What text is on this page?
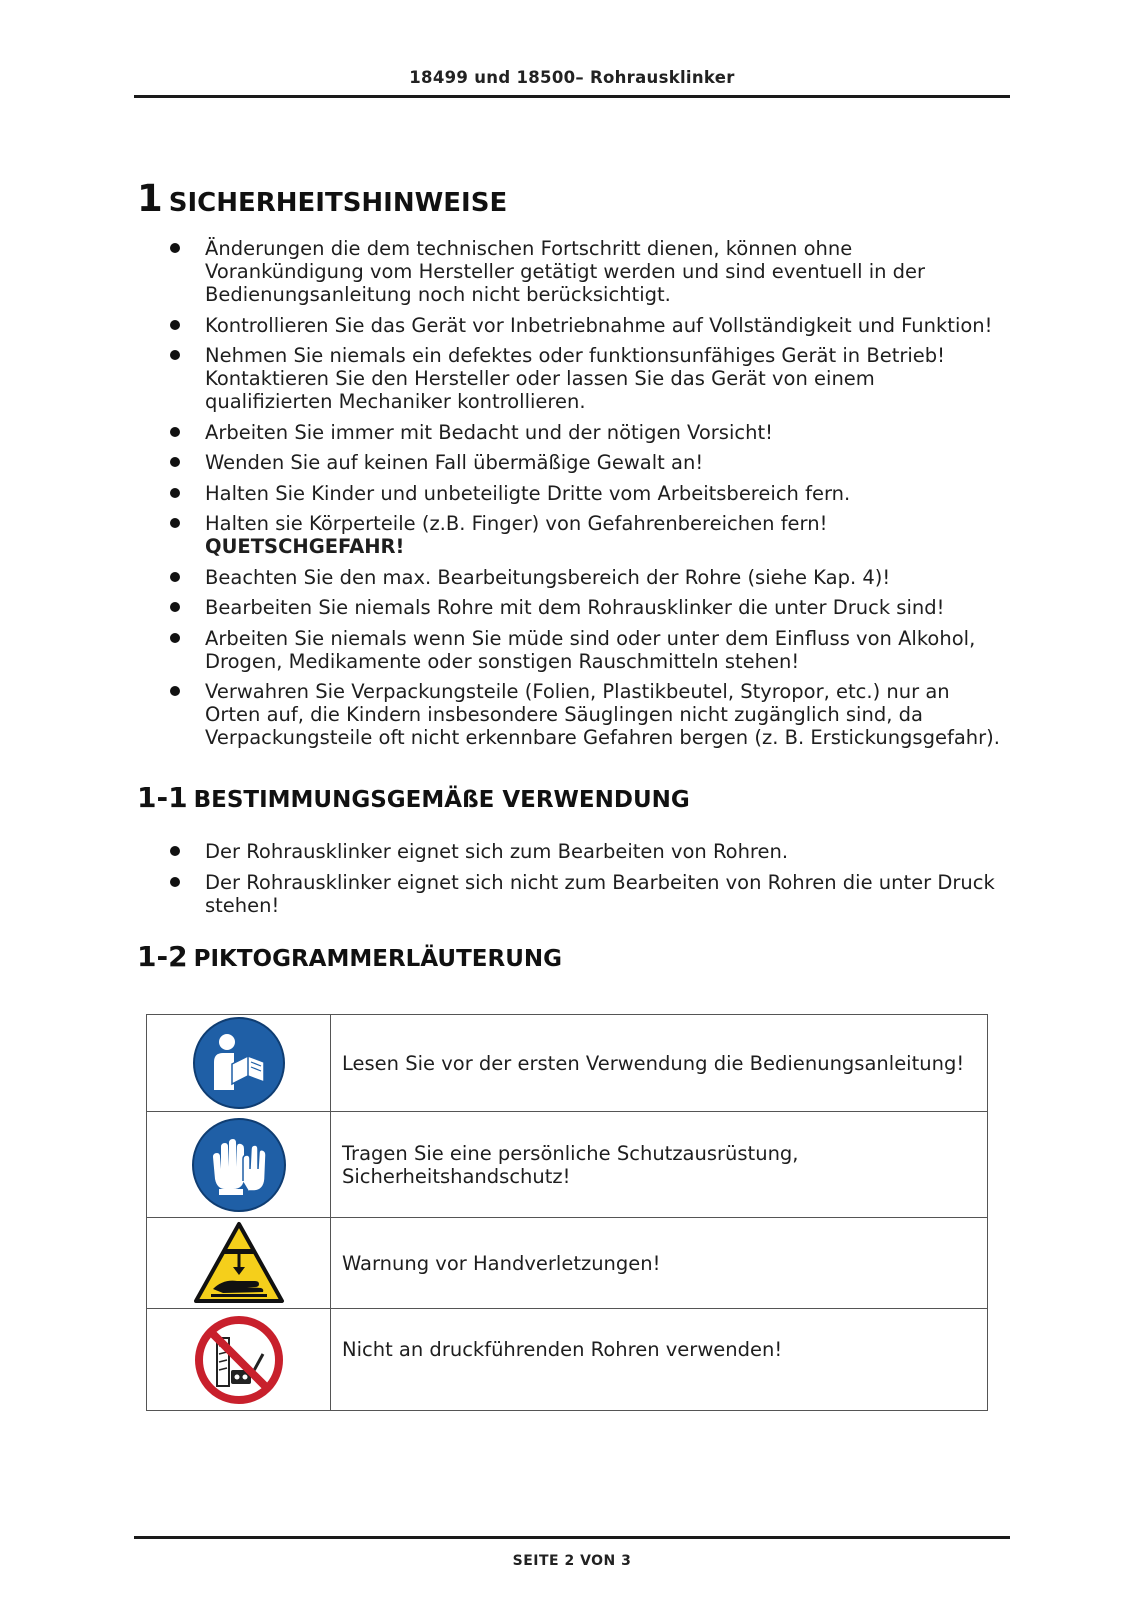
18499 und 18500– Rohrausklinker
1 SICHERHEITSHINWEISE
Änderungen die dem technischen Fortschritt dienen, können ohne Vorankündigung vom Hersteller getätigt werden und sind eventuell in der Bedienungsanleitung noch nicht berücksichtigt.
Kontrollieren Sie das Gerät vor Inbetriebnahme auf Vollständigkeit und Funktion!
Nehmen Sie niemals ein defektes oder funktionsunfähiges Gerät in Betrieb! Kontaktieren Sie den Hersteller oder lassen Sie das Gerät von einem qualifizierten Mechaniker kontrollieren.
Arbeiten Sie immer mit Bedacht und der nötigen Vorsicht!
Wenden Sie auf keinen Fall übermäßige Gewalt an!
Halten Sie Kinder und unbeteiligte Dritte vom Arbeitsbereich fern.
Halten sie Körperteile (z.B. Finger) von Gefahrenbereichen fern!
QUETSCHGEFAHR!
Beachten Sie den max. Bearbeitungsbereich der Rohre (siehe Kap. 4)!
Bearbeiten Sie niemals Rohre mit dem Rohrausklinker die unter Druck sind!
Arbeiten Sie niemals wenn Sie müde sind oder unter dem Einfluss von Alkohol, Drogen, Medikamente oder sonstigen Rauschmitteln stehen!
Verwahren Sie Verpackungsteile (Folien, Plastikbeutel, Styropor, etc.) nur an Orten auf, die Kindern insbesondere Säuglingen nicht zugänglich sind, da Verpackungsteile oft nicht erkennbare Gefahren bergen (z. B. Erstickungsgefahr).
1-1 BESTIMMUNGSGEMÄßE VERWENDUNG
Der Rohrausklinker eignet sich zum Bearbeiten von Rohren.
Der Rohrausklinker eignet sich nicht zum Bearbeiten von Rohren die unter Druck stehen!
1-2 PIKTOGRAMMERLÄUTERUNG
	Lesen Sie vor der ersten Verwendung die Bedienungsanleitung!

	Tragen Sie eine persönliche Schutzausrüstung, Sicherheitshandschutz!

	Warnung vor Handverletzungen!

	Nicht an druckführenden Rohren verwenden!
SEITE 2 VON 3
